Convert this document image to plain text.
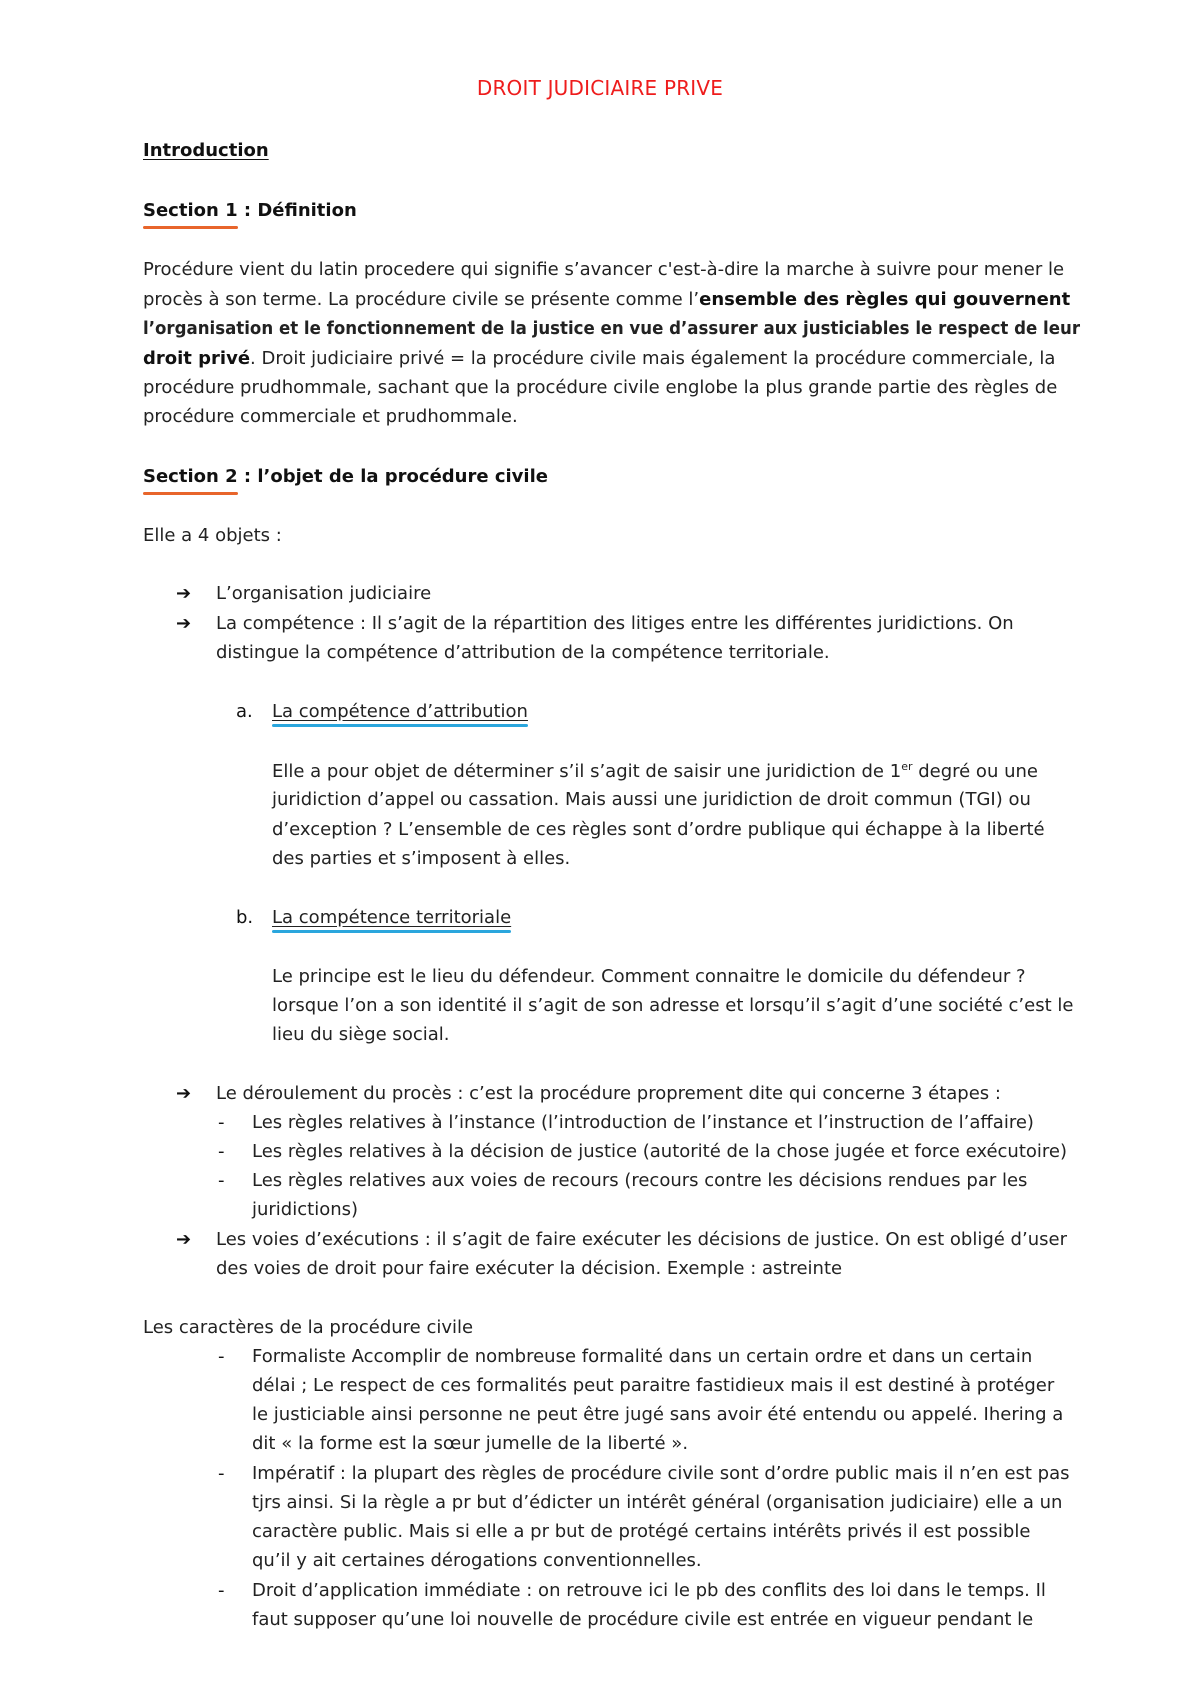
DROIT JUDICIAIRE PRIVE
Introduction
Section 1 : Définition
Procédure vient du latin procedere qui signifie s’avancer c'est-à-dire la marche à suivre pour mener le
procès à son terme. La procédure civile se présente comme l’ensemble des règles qui gouvernent
l’organisation et le fonctionnement de la justice en vue d’assurer aux justiciables le respect de leur
droit privé. Droit judiciaire privé = la procédure civile mais également la procédure commerciale, la
procédure prudhommale, sachant que la procédure civile englobe la plus grande partie des règles de
procédure commerciale et prudhommale.
Section 2 : l’objet de la procédure civile
Elle a 4 objets :
➔ L’organisation judiciaire
➔ La compétence : Il s’agit de la répartition des litiges entre les différentes juridictions. On
distingue la compétence d’attribution de la compétence territoriale.
a. La compétence d’attribution
Elle a pour objet de déterminer s’il s’agit de saisir une juridiction de 1er degré ou une
juridiction d’appel ou cassation. Mais aussi une juridiction de droit commun (TGI) ou
d’exception ? L’ensemble de ces règles sont d’ordre publique qui échappe à la liberté
des parties et s’imposent à elles.
b. La compétence territoriale
Le principe est le lieu du défendeur. Comment connaitre le domicile du défendeur ?
lorsque l’on a son identité il s’agit de son adresse et lorsqu’il s’agit d’une société c’est le
lieu du siège social.
➔ Le déroulement du procès : c’est la procédure proprement dite qui concerne 3 étapes :
- Les règles relatives à l’instance (l’introduction de l’instance et l’instruction de l’affaire)
- Les règles relatives à la décision de justice (autorité de la chose jugée et force exécutoire)
- Les règles relatives aux voies de recours (recours contre les décisions rendues par les
juridictions)
➔ Les voies d’exécutions : il s’agit de faire exécuter les décisions de justice. On est obligé d’user
des voies de droit pour faire exécuter la décision. Exemple : astreinte
Les caractères de la procédure civile
- Formaliste Accomplir de nombreuse formalité dans un certain ordre et dans un certain
délai ; Le respect de ces formalités peut paraitre fastidieux mais il est destiné à protéger
le justiciable ainsi personne ne peut être jugé sans avoir été entendu ou appelé. Ihering a
dit « la forme est la sœur jumelle de la liberté ».
- Impératif : la plupart des règles de procédure civile sont d’ordre public mais il n’en est pas
tjrs ainsi. Si la règle a pr but d’édicter un intérêt général (organisation judiciaire) elle a un
caractère public. Mais si elle a pr but de protégé certains intérêts privés il est possible
qu’il y ait certaines dérogations conventionnelles.
- Droit d’application immédiate : on retrouve ici le pb des conflits des loi dans le temps. Il
faut supposer qu’une loi nouvelle de procédure civile est entrée en vigueur pendant le
